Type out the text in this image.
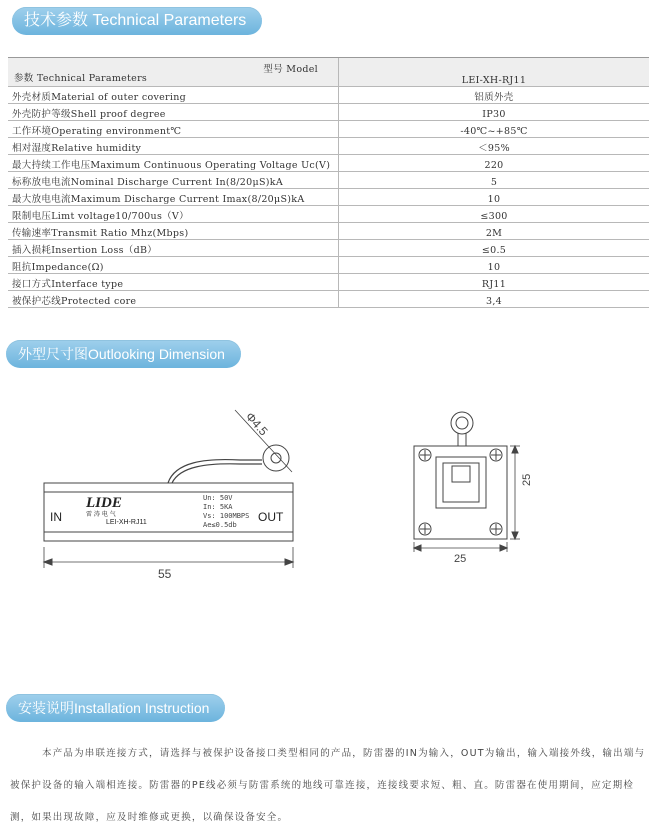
技术参数 Technical Parameters
型号 Model
参数 Technical Parameters	LEI-XH-RJ11
外壳材质Material of outer covering	铝质外壳
外壳防护等级Shell proof degree	IP30
工作环境Operating environment℃	-40℃~+85℃
相对湿度Relative humidity	＜95%
最大持续工作电压Maximum Continuous Operating Voltage Uc(V)	220
标称放电电流Nominal Discharge Current In(8/20μS)kA	5
最大放电电流Maximum Discharge Current Imax(8/20μS)kA	10
限制电压Limt voltage10/700us（V）	≤300
传输速率Transmit Ratio Mhz(Mbps)	2M
插入损耗Insertion Loss（dB）	≤0.5
阻抗Impedance(Ω)	10
接口方式Interface type	RJ11
被保护芯线Protected core	3,4
外型尺寸图Outlooking Dimension
Φ4.5
IN	OUT
LIDE
雷 涛 电 气
LEI-XH-RJ11
Un: 50V
In: 5KA
Vs: 100MBPS
Ae≤0.5db
55
25
25
安装说明Installation Instruction

本产品为串联连接方式，请选择与被保护设备接口类型相同的产品，防雷器的IN为输入，OUT为输出，输入端接外线，输出端与被保护设备的输入端相连接。防雷器的PE线必须与防雷系统的地线可靠连接，连接线要求短、粗、直。防雷器在使用期间，应定期检测，如果出现故障，应及时维修或更换，以确保设备安全。
